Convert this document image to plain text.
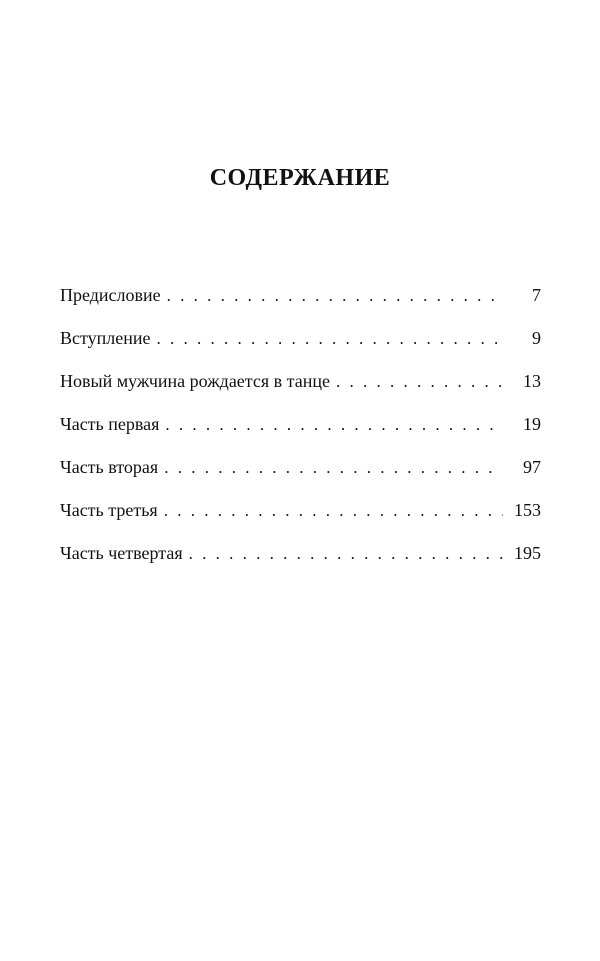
СОДЕРЖАНИЕ
Предисловие . . .	7
Вступление . . .	9
Новый мужчина рождается в танце . . .	13
Часть первая . . .	19
Часть вторая . . .	97
Часть третья . . .	153
Часть четвертая . . .	195
